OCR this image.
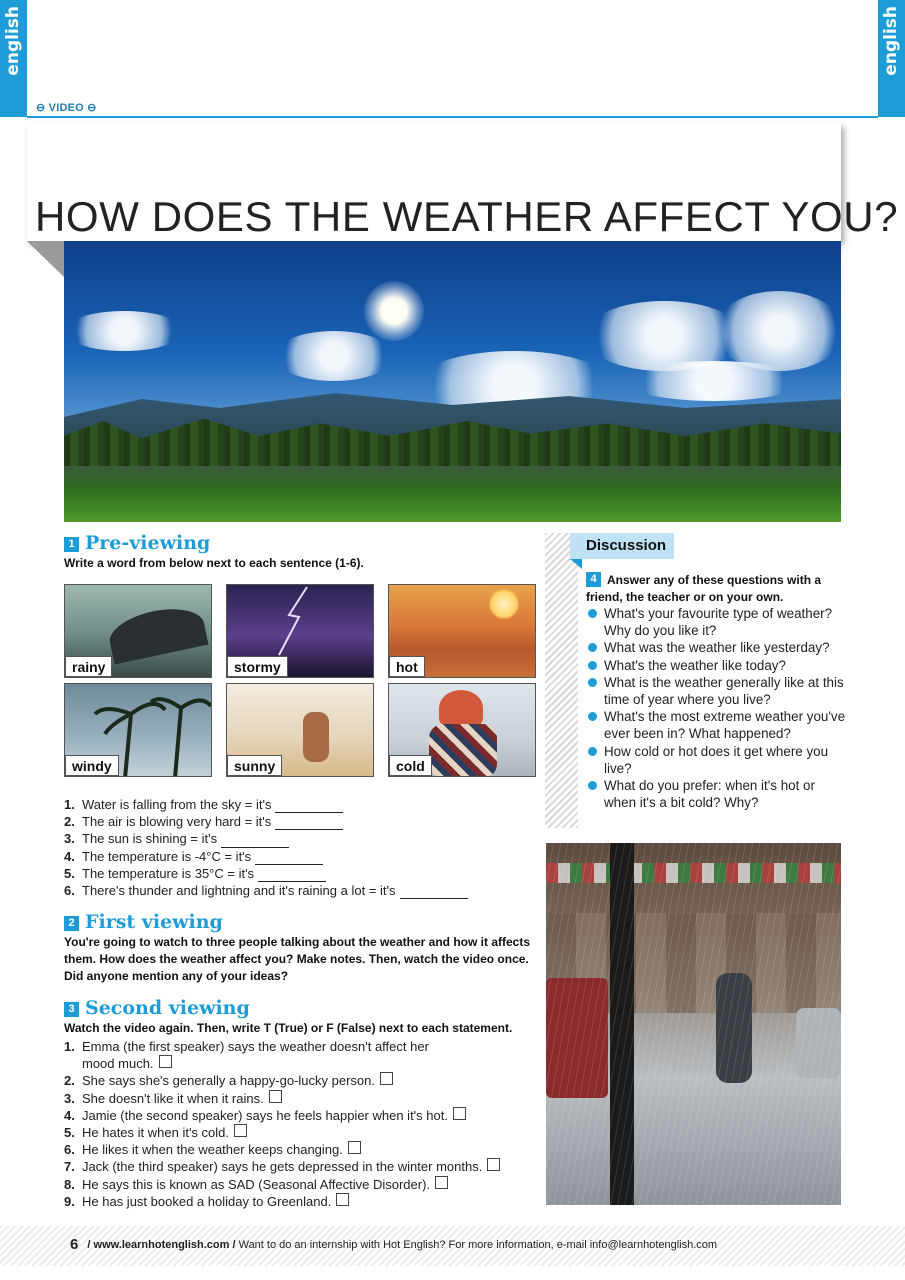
english	english
⊖ VIDEO ⊖
HOW DOES THE WEATHER AFFECT YOU?
1 Pre-viewing
Write a word from below next to each sentence (1-6).
rainy	stormy	hot
windy	sunny	cold
1. Water is falling from the sky = it's
2. The air is blowing very hard = it's
3. The sun is shining = it's
4. The temperature is -4°C = it's
5. The temperature is 35°C = it's
6. There's thunder and lightning and it's raining a lot = it's
2 First viewing
You're going to watch to three people talking about the weather and how it affects them. How does the weather affect you? Make notes. Then, watch the video once. Did anyone mention any of your ideas?
3 Second viewing
Watch the video again. Then, write T (True) or F (False) next to each statement.
1. Emma (the first speaker) says the weather doesn't affect her
mood much.
2. She says she's generally a happy-go-lucky person.
3. She doesn't like it when it rains.
4. Jamie (the second speaker) says he feels happier when it's hot.
5. He hates it when it's cold.
6. He likes it when the weather keeps changing.
7. Jack (the third speaker) says he gets depressed in the winter months.
8. He says this is known as SAD (Seasonal Affective Disorder).
9. He has just booked a holiday to Greenland.
Discussion
4 Answer any of these questions with a friend, the teacher or on your own.
What's your favourite type of weather? Why do you like it?
What was the weather like yesterday?
What's the weather like today?
What is the weather generally like at this time of year where you live?
What's the most extreme weather you've ever been in? What happened?
How cold or hot does it get where you live?
What do you prefer: when it's hot or when it's a bit cold? Why?
6 / www.learnhotenglish.com / Want to do an internship with Hot English? For more information, e-mail info@learnhotenglish.com
